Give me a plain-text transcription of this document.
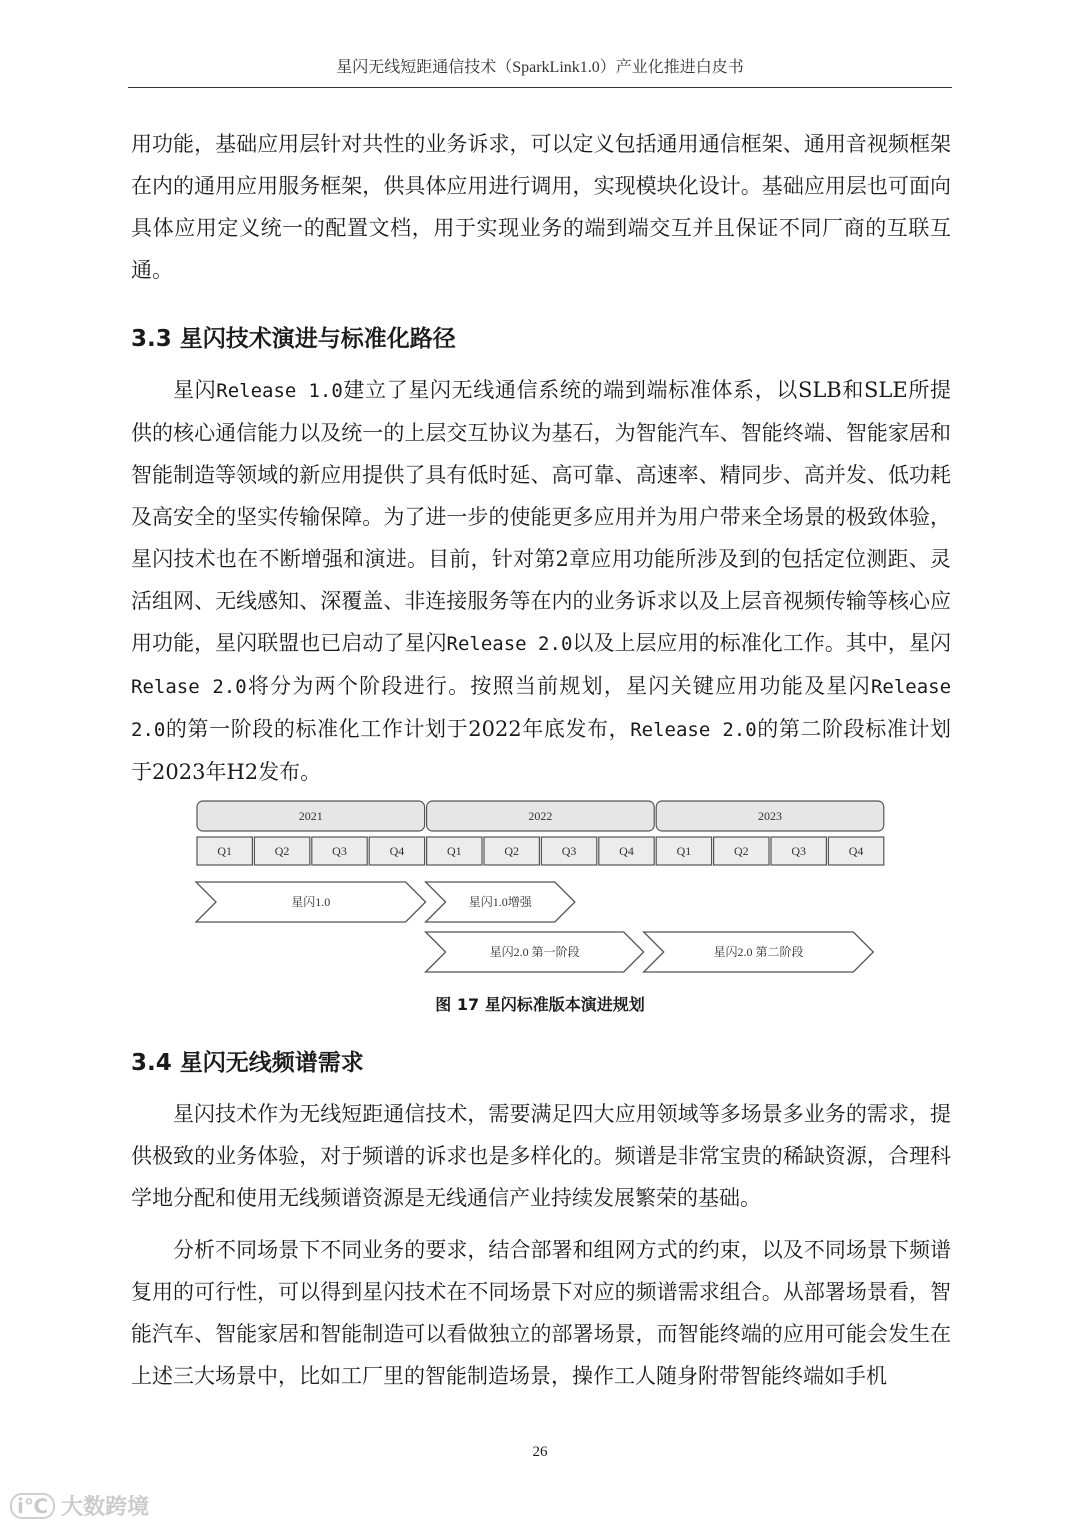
星闪无线短距通信技术（SparkLink1.0）产业化推进白皮书

用功能，基础应用层针对共性的业务诉求，可以定义包括通用通信框架、通用音视频框架在内的通用应用服务框架，供具体应用进行调用，实现模块化设计。基础应用层也可面向具体应用定义统一的配置文档，用于实现业务的端到端交互并且保证不同厂商的互联互通。

3.3 星闪技术演进与标准化路径

星闪Release 1.0建立了星闪无线通信系统的端到端标准体系，以SLB和SLE所提供的核心通信能力以及统一的上层交互协议为基石，为智能汽车、智能终端、智能家居和智能制造等领域的新应用提供了具有低时延、高可靠、高速率、精同步、高并发、低功耗及高安全的坚实传输保障。为了进一步的使能更多应用并为用户带来全场景的极致体验，星闪技术也在不断增强和演进。目前，针对第2章应用功能所涉及到的包括定位测距、灵活组网、无线感知、深覆盖、非连接服务等在内的业务诉求以及上层音视频传输等核心应用功能，星闪联盟也已启动了星闪Release 2.0以及上层应用的标准化工作。其中，星闪Relase 2.0将分为两个阶段进行。按照当前规划，星闪关键应用功能及星闪Release 2.0的第一阶段的标准化工作计划于2022年底发布，Release 2.0的第二阶段标准计划于2023年H2发布。

2021
Q1	Q2	Q3	Q4
2022
Q1	Q2	Q3	Q4
2023
Q1	Q2	Q3	Q4
星闪1.0	星闪1.0增强
星闪2.0 第一阶段	星闪2.0 第二阶段
图 17 星闪标准版本演进规划
3.4 星闪无线频谱需求

星闪技术作为无线短距通信技术，需要满足四大应用领域等多场景多业务的需求，提供极致的业务体验，对于频谱的诉求也是多样化的。频谱是非常宝贵的稀缺资源，合理科学地分配和使用无线频谱资源是无线通信产业持续发展繁荣的基础。

分析不同场景下不同业务的要求，结合部署和组网方式的约束，以及不同场景下频谱复用的可行性，可以得到星闪技术在不同场景下对应的频谱需求组合。从部署场景看，智能汽车、智能家居和智能制造可以看做独立的部署场景，而智能终端的应用可能会发生在上述三大场景中，比如工厂里的智能制造场景，操作工人随身附带智能终端如手机

26
i℃ 大数跨境
